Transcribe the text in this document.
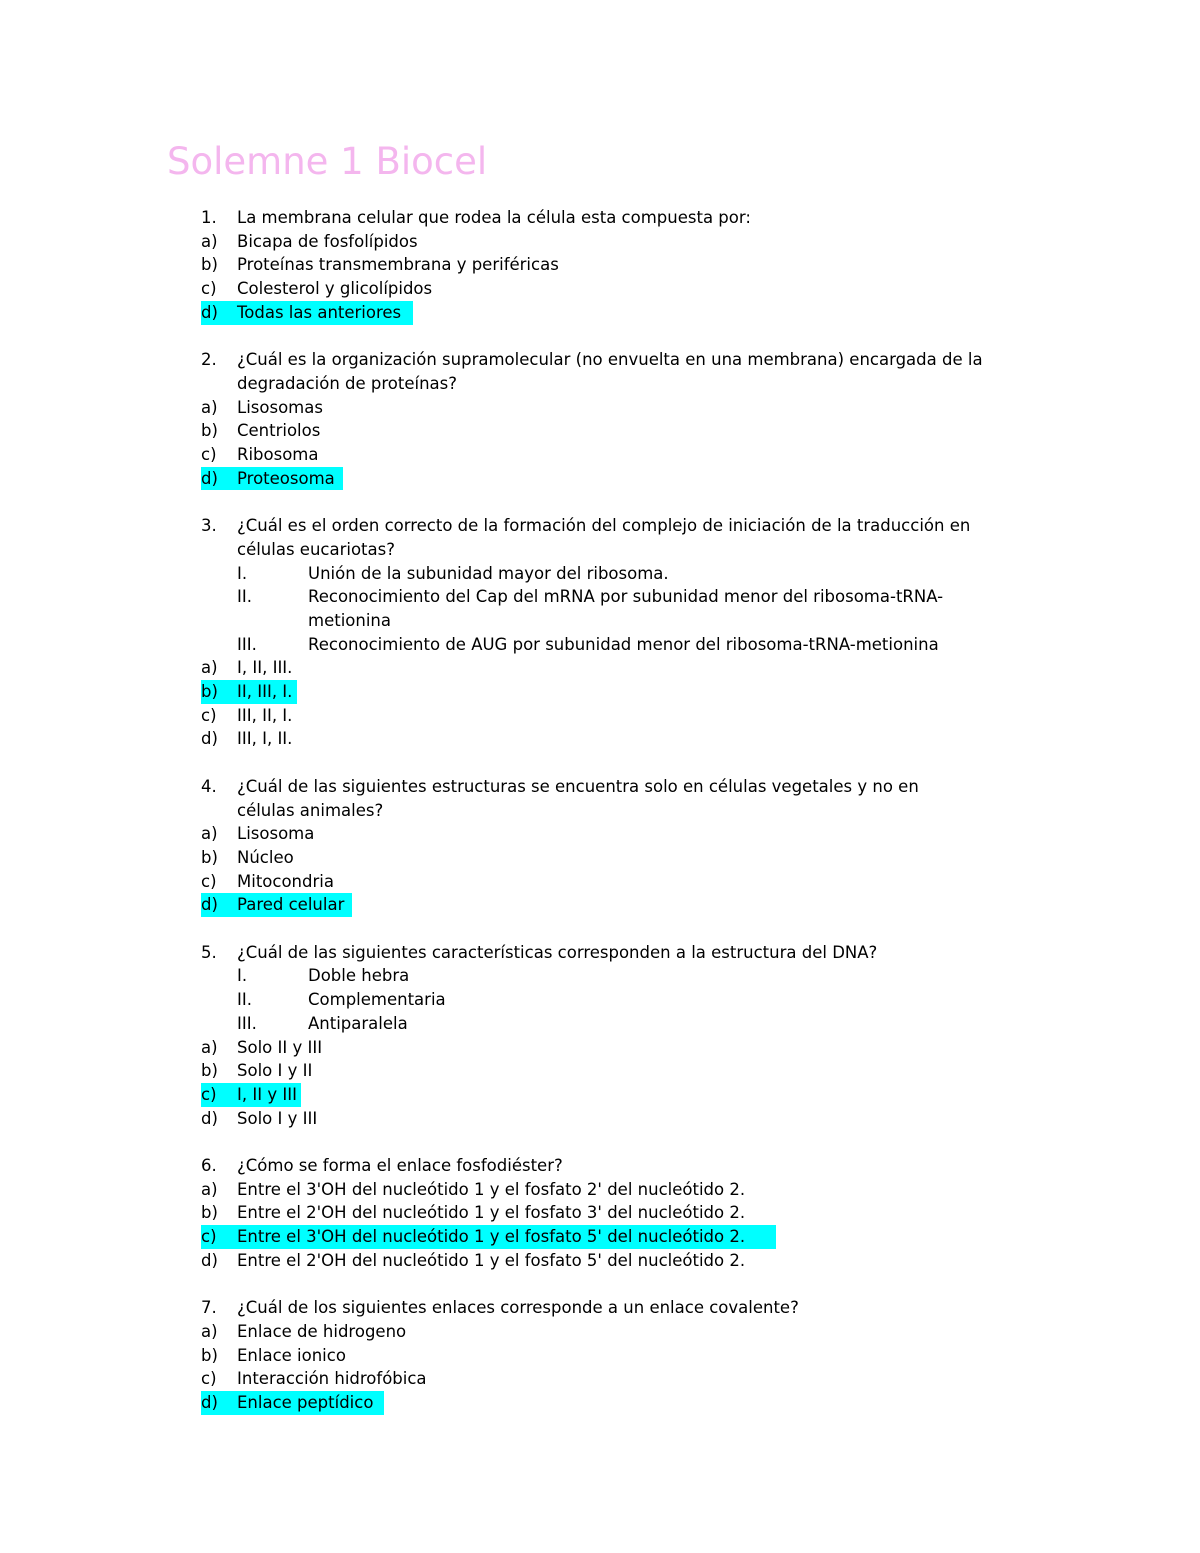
Solemne 1 Biocel
1. La membrana celular que rodea la célula esta compuesta por:
a) Bicapa de fosfolípidos
b) Proteínas transmembrana y periféricas
c) Colesterol y glicolípidos
d) Todas las anteriores
2. ¿Cuál es la organización supramolecular (no envuelta en una membrana) encargada de la degradación de proteínas?
a) Lisosomas
b) Centriolos
c) Ribosoma
d) Proteosoma
3. ¿Cuál es el orden correcto de la formación del complejo de iniciación de la traducción en células eucariotas?
I.	Unión de la subunidad mayor del ribosoma.
II.	Reconocimiento del Cap del mRNA por subunidad menor del ribosoma-tRNA-metionina
III.	Reconocimiento de AUG por subunidad menor del ribosoma-tRNA-metionina
a) I, II, III.
b) II, III, I.
c) III, II, I.
d) III, I, II.
4. ¿Cuál de las siguientes estructuras se encuentra solo en células vegetales y no en células animales?
a) Lisosoma
b) Núcleo
c) Mitocondria
d) Pared celular
5. ¿Cuál de las siguientes características corresponden a la estructura del DNA?
I.	Doble hebra
II.	Complementaria
III.	Antiparalela
a) Solo II y III
b) Solo I y II
c) I, II y III
d) Solo I y III
6. ¿Cómo se forma el enlace fosfodiéster?
a) Entre el 3'OH del nucleótido 1 y el fosfato 2' del nucleótido 2.
b) Entre el 2'OH del nucleótido 1 y el fosfato 3' del nucleótido 2.
c) Entre el 3'OH del nucleótido 1 y el fosfato 5' del nucleótido 2.
d) Entre el 2'OH del nucleótido 1 y el fosfato 5' del nucleótido 2.
7. ¿Cuál de los siguientes enlaces corresponde a un enlace covalente?
a) Enlace de hidrogeno
b) Enlace ionico
c) Interacción hidrofóbica
d) Enlace peptídico
